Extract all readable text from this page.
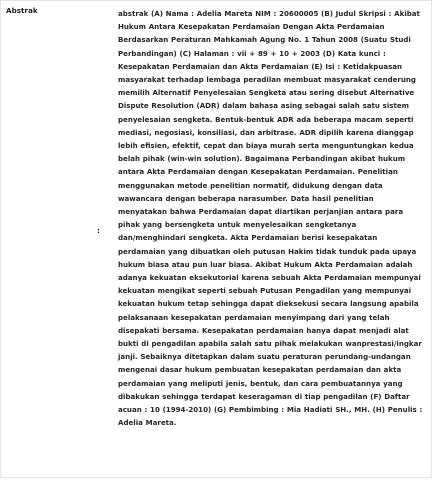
Abstrak
:

abstrak (A) Nama : Adelia Mareta NIM : 20600005 (B) Judul Skripsi : Akibat Hukum Antara Kesepakatan Perdamaian Dengan Akta Perdamaian Berdasarkan Peraturan Mahkamah Agung No. 1 Tahun 2008 (Suatu Studi Perbandingan) (C) Halaman : vii + 89 + 10 + 2003 (D) Kata kunci : Kesepakatan Perdamaian dan Akta Perdamaian (E) Isi : Ketidakpuasan masyarakat terhadap lembaga peradilan membuat masyarakat cenderung memilih Alternatif Penyelesaian Sengketa atau sering disebut Alternative Dispute Resolution (ADR) dalam bahasa asing sebagai salah satu sistem penyelesaian sengketa. Bentuk-bentuk ADR ada beberapa macam seperti mediasi, negosiasi, konsiliasi, dan arbitrase. ADR dipilih karena dianggap lebih efisien, efektif, cepat dan biaya murah serta menguntungkan kedua belah pihak (win-win solution). Bagaimana Perbandingan akibat hukum antara Akta Perdamaian dengan Kesepakatan Perdamaian. Penelitian menggunakan metode penelitian normatif, didukung dengan data wawancara dengan beberapa narasumber. Data hasil penelitian menyatakan bahwa Perdamaian dapat diartikan perjanjian antara para pihak yang bersengketa untuk menyelesaikan sengketanya dan/menghindari sengketa. Akta Perdamaian berisi kesepakatan perdamaian yang dibuatkan oleh putusan Hakim tidak tunduk pada upaya hukum biasa atau pun luar biasa. Akibat Hukum Akta Perdamaian adalah adanya kekuatan eksekutorial karena sebuah Akta Perdamaian mempunyai kekuatan mengikat seperti sebuah Putusan Pengadilan yang mempunyai kekuatan hukum tetap sehingga dapat dieksekusi secara langsung apabila pelaksanaan kesepakatan perdamaian menyimpang dari yang telah disepakati bersama. Kesepakatan perdamaian hanya dapat menjadi alat bukti di pengadilan apabila salah satu pihak melakukan wanprestasi/ingkar janji. Sebaiknya ditetapkan dalam suatu peraturan perundang-undangan mengenai dasar hukum pembuatan kesepakatan perdamaian dan akta perdamaian yang meliputi jenis, bentuk, dan cara pembuatannya yang dibakukan sehingga terdapat keseragaman di tiap pengadilan (F) Daftar acuan : 10 (1994-2010) (G) Pembimbing : Mia Hadiati SH., MH. (H) Penulis : Adelia Mareta.
